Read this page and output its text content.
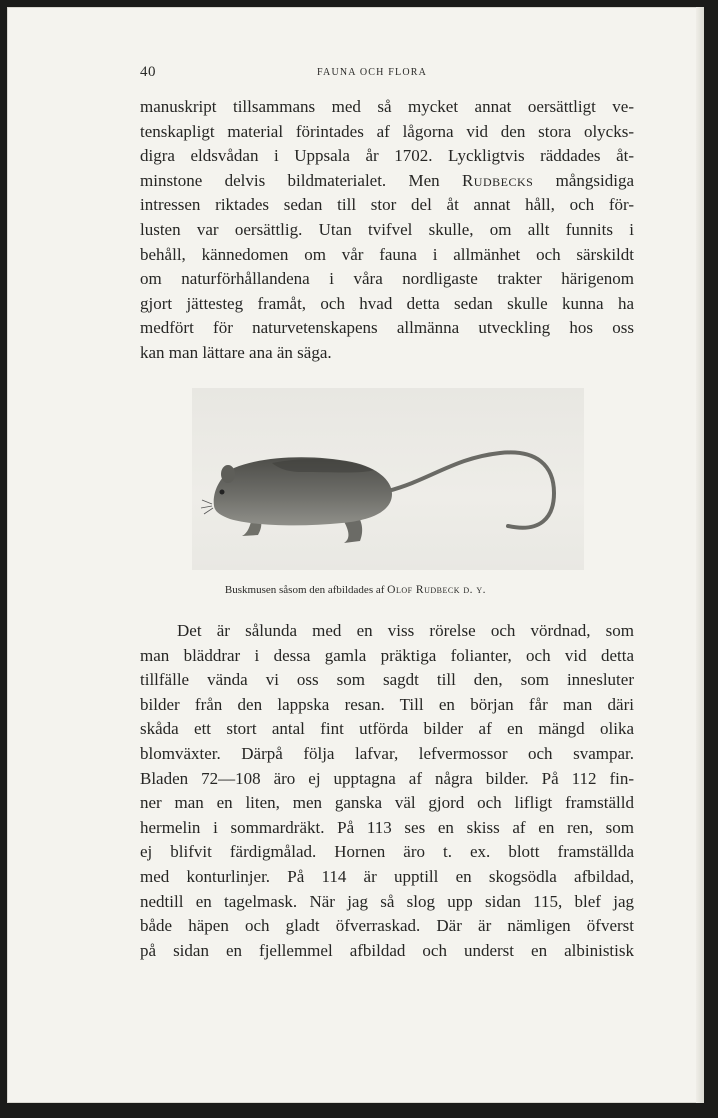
40	FAUNA OCH FLORA
manuskript tillsammans med så mycket annat oersättligt ve-
tenskapligt material förintades af lågorna vid den stora olycks-
digra eldsvådan i Uppsala år 1702. Lyckligtvis räddades åt-
minstone delvis bildmaterialet. Men Rudbecks mångsidiga
intressen riktades sedan till stor del åt annat håll, och för-
lusten var oersättlig. Utan tvifvel skulle, om allt funnits i
behåll, kännedomen om vår fauna i allmänhet och särskildt
om naturförhållandena i våra nordligaste trakter härigenom
gjort jättesteg framåt, och hvad detta sedan skulle kunna ha
medfört för naturvetenskapens allmänna utveckling hos oss
kan man lättare ana än säga.
Buskmusen såsom den afbildades af Olof Rudbeck d. y.
Det är sålunda med en viss rörelse och vördnad, som
man bläddrar i dessa gamla präktiga folianter, och vid detta
tillfälle vända vi oss som sagdt till den, som innesluter
bilder från den lappska resan. Till en början får man däri
skåda ett stort antal fint utförda bilder af en mängd olika
blomväxter. Därpå följa lafvar, lefvermossor och svampar.
Bladen 72—108 äro ej upptagna af några bilder. På 112 fin-
ner man en liten, men ganska väl gjord och lifligt framställd
hermelin i sommardräkt. På 113 ses en skiss af en ren, som
ej blifvit färdigmålad. Hornen äro t. ex. blott framställda
med konturlinjer. På 114 är upptill en skogsödla afbildad,
nedtill en tagelmask. När jag så slog upp sidan 115, blef jag
både häpen och gladt öfverraskad. Där är nämligen öfverst
på sidan en fjellemmel afbildad och underst en albinistisk
